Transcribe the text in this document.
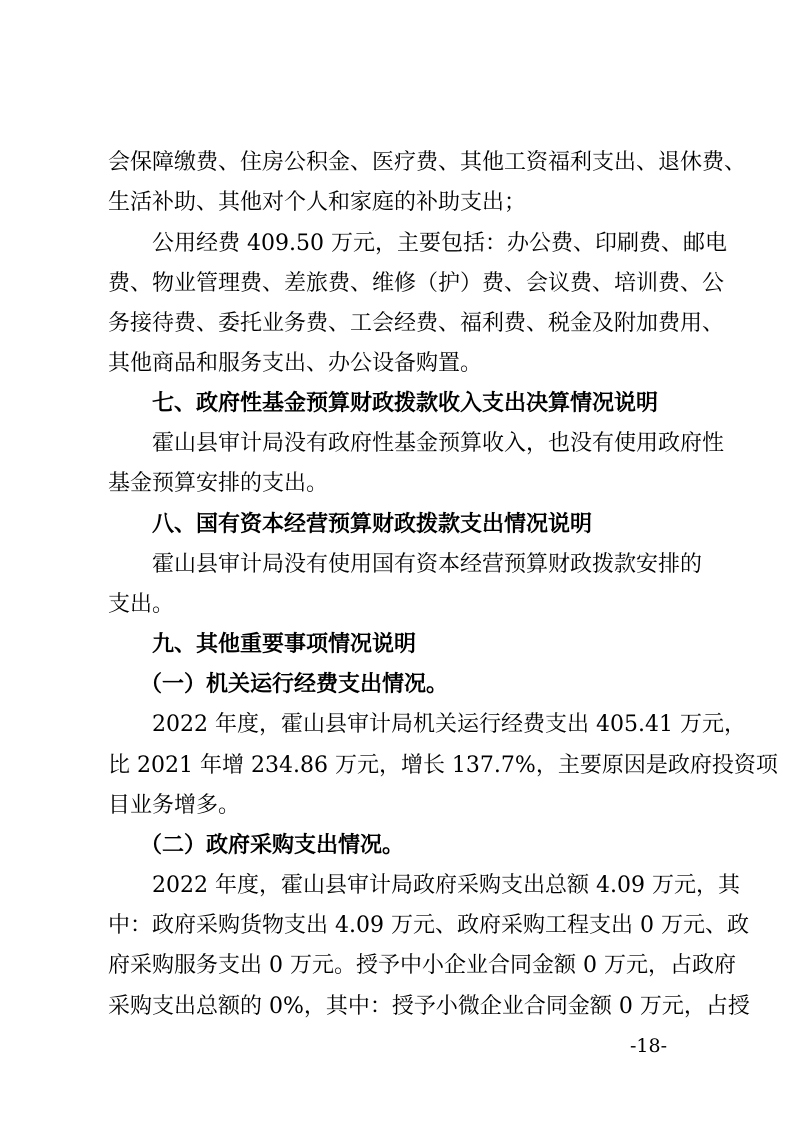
会保障缴费、住房公积金、医疗费、其他工资福利支出、退休费、
生活补助、其他对个人和家庭的补助支出；
公用经费 409.50 万元，主要包括：办公费、印刷费、邮电
费、物业管理费、差旅费、维修（护）费、会议费、培训费、公
务接待费、委托业务费、工会经费、福利费、税金及附加费用、
其他商品和服务支出、办公设备购置。
七、政府性基金预算财政拨款收入支出决算情况说明
霍山县审计局没有政府性基金预算收入，也没有使用政府性
基金预算安排的支出。
八、国有资本经营预算财政拨款支出情况说明
霍山县审计局没有使用国有资本经营预算财政拨款安排的
支出。
九、其他重要事项情况说明
（一）机关运行经费支出情况。
2022 年度，霍山县审计局机关运行经费支出 405.41 万元，
比 2021 年增 234.86 万元，增长 137.7%，主要原因是政府投资项
目业务增多。
（二）政府采购支出情况。
2022 年度，霍山县审计局政府采购支出总额 4.09 万元，其
中：政府采购货物支出 4.09 万元、政府采购工程支出 0 万元、政
府采购服务支出 0 万元。授予中小企业合同金额 0 万元，占政府
采购支出总额的 0%，其中：授予小微企业合同金额 0 万元，占授
-18-
